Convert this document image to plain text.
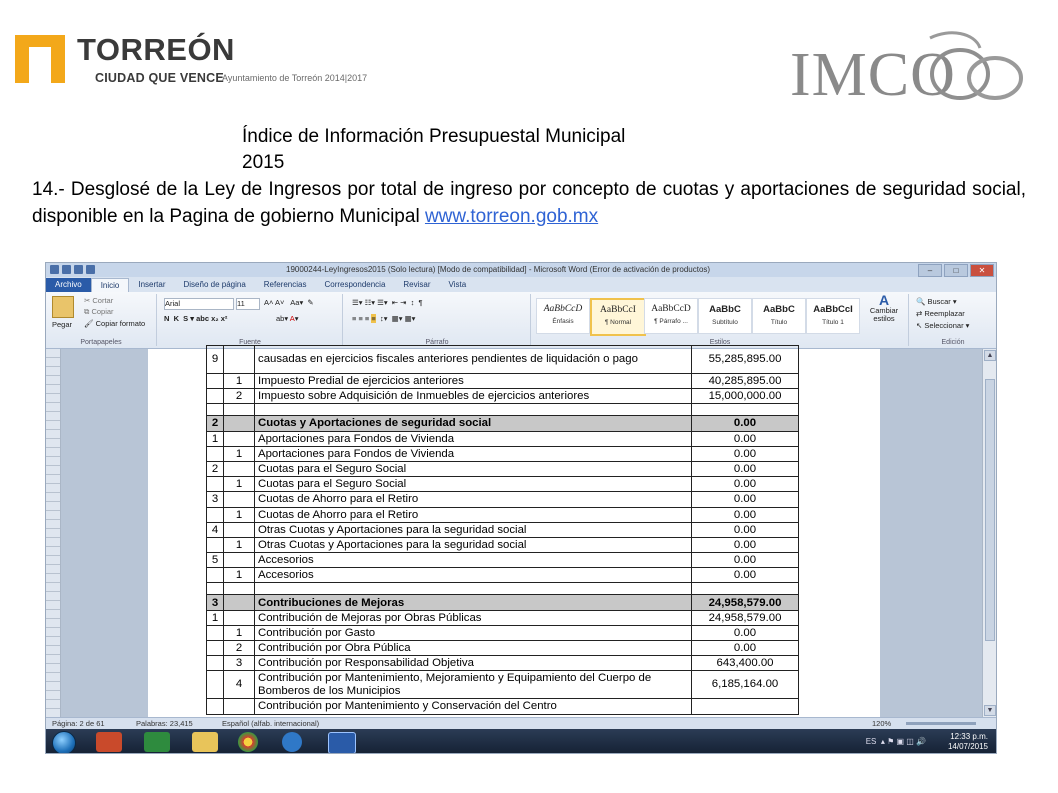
TORREÓN
CIUDAD QUE VENCE
Ayuntamiento de Torreón 2014|2017	IMCO
Índice de Información Presupuestal Municipal
2015
14.- Desglosé de la Ley de Ingresos por total de ingreso por concepto de cuotas y aportaciones de seguridad social, disponible en la Pagina de gobierno Municipal www.torreon.gob.mx
19000244-LeyIngresos2015 (Solo lectura) [Modo de compatibilidad] - Microsoft Word (Error de activación de productos)	–	□	✕
Archivo	Inicio	Insertar	Diseño de página	Referencias	Correspondencia	Revisar	Vista
Pegar
✂ Cortar
⧉ Copiar
🖌 Copiar formato
Portapapeles
Arial	11	A˄ A˅   Aa▾  ✎
N  K  S ▾ abc x₂ x²	ab▾ A▾
Fuente
☰▾ ☷▾ ☰▾  ⇤ ⇥  ↕  ¶
≡ ≡ ≡ ≡  ↕▾  ▦▾ ▦▾
Párrafo
AaBbCcD
Énfasis
AaBbCcI
¶ Normal
AaBbCcD
¶ Párrafo ...
AaBbC
Subtítulo
AaBbC
Título
AaBbCcI
Título 1
A
Cambiar estilos
Estilos
🔍 Buscar ▾
⇄ Reemplazar
↖ Seleccionar ▾
Edición
9		causadas en ejercicios fiscales anteriores pendientes de liquidación o pago	55,285,895.00
	1	Impuesto Predial de ejercicios anteriores	40,285,895.00
	2	Impuesto sobre Adquisición de Inmuebles de ejercicios anteriores	15,000,000.00

2		Cuotas y Aportaciones de seguridad social	0.00
1		Aportaciones para Fondos de Vivienda	0.00
	1	Aportaciones para Fondos de Vivienda	0.00
2		Cuotas para el Seguro Social	0.00
	1	Cuotas para el Seguro Social	0.00
3		Cuotas de Ahorro para el Retiro	0.00
	1	Cuotas de Ahorro para el Retiro	0.00
4		Otras Cuotas y Aportaciones para la seguridad social	0.00
	1	Otras Cuotas y Aportaciones para la seguridad social	0.00
5		Accesorios	0.00
	1	Accesorios	0.00

3		Contribuciones de Mejoras	24,958,579.00
1		Contribución de Mejoras por Obras Públicas	24,958,579.00
	1	Contribución por Gasto	0.00
	2	Contribución por Obra Pública	0.00
	3	Contribución por Responsabilidad Objetiva	643,400.00
	4	Contribución por Mantenimiento, Mejoramiento y Equipamiento del Cuerpo de Bomberos de los Municipios	6,185,164.00
		Contribución por Mantenimiento y Conservación del Centro	
▲
▼
Página: 2 de 61	Palabras: 23,415	Español (alfab. internacional)	120%
ES  ▴ ⚑ ▣ ◫ 🔊
12:33 p.m.
14/07/2015
